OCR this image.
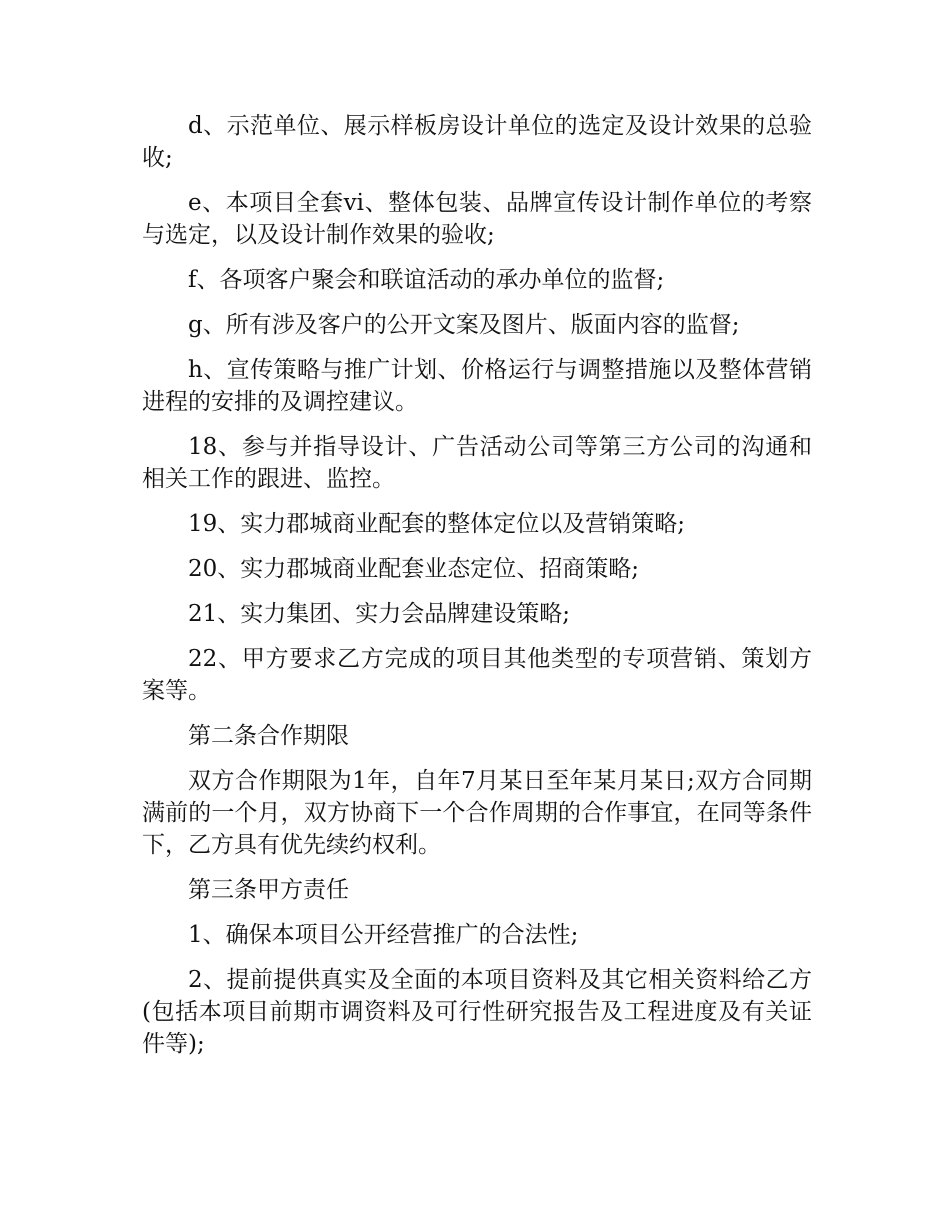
d、示范单位、展示样板房设计单位的选定及设计效果的总验收;

e、本项目全套vi、整体包装、品牌宣传设计制作单位的考察与选定，以及设计制作效果的验收;

f、各项客户聚会和联谊活动的承办单位的监督;

g、所有涉及客户的公开文案及图片、版面内容的监督;

h、宣传策略与推广计划、价格运行与调整措施以及整体营销进程的安排的及调控建议。

18、参与并指导设计、广告活动公司等第三方公司的沟通和相关工作的跟进、监控。

19、实力郡城商业配套的整体定位以及营销策略;

20、实力郡城商业配套业态定位、招商策略;

21、实力集团、实力会品牌建设策略;

22、甲方要求乙方完成的项目其他类型的专项营销、策划方案等。

第二条合作期限

双方合作期限为1年，自年7月某日至年某月某日;双方合同期满前的一个月，双方协商下一个合作周期的合作事宜，在同等条件下，乙方具有优先续约权利。

第三条甲方责任

1、确保本项目公开经营推广的合法性;

2、提前提供真实及全面的本项目资料及其它相关资料给乙方(包括本项目前期市调资料及可行性研究报告及工程进度及有关证件等);
